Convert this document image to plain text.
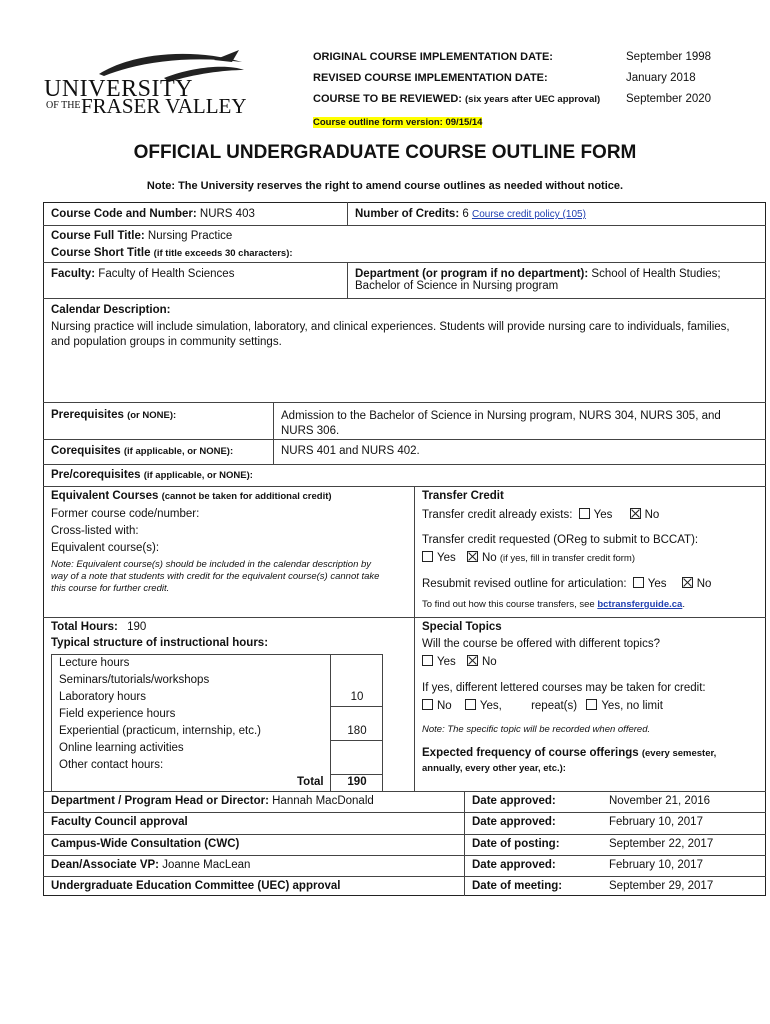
UNIVERSITY
OF THE FRASER VALLEY
ORIGINAL COURSE IMPLEMENTATION DATE:	September 1998
REVISED COURSE IMPLEMENTATION DATE:	January 2018
COURSE TO BE REVIEWED: (six years after UEC approval) September 2020
Course outline form version: 09/15/14
OFFICIAL UNDERGRADUATE COURSE OUTLINE FORM
Note: The University reserves the right to amend course outlines as needed without notice.
Course Code and Number: NURS 403	Number of Credits: 6 Course credit policy (105)
Course Full Title: Nursing Practice
Course Short Title (if title exceeds 30 characters):
Faculty: Faculty of Health Sciences	Department (or program if no department): School of Health Studies;
Bachelor of Science in Nursing program
Calendar Description:
Nursing practice will include simulation, laboratory, and clinical experiences. Students will provide nursing care to individuals, families,
and population groups in community settings.
Prerequisites (or NONE):	Admission to the Bachelor of Science in Nursing program, NURS 304, NURS 305, and
NURS 306.
Corequisites (if applicable, or NONE):	NURS 401 and NURS 402.
Pre/corequisites (if applicable, or NONE):
Equivalent Courses (cannot be taken for additional credit)
Former course code/number:
Cross-listed with:
Equivalent course(s):
Note: Equivalent course(s) should be included in the calendar description by
way of a note that students with credit for the equivalent course(s) cannot take
this course for further credit.
Transfer Credit
Transfer credit already exists: Yes	No
Transfer credit requested (OReg to submit to BCCAT):
Yes No (if yes, fill in transfer credit form)
Resubmit revised outline for articulation: Yes	No
To find out how this course transfers, see bctransferguide.ca.
Total Hours: 190
Typical structure of instructional hours:
Lecture hours
Seminars/tutorials/workshops
Laboratory hours	10
Field experience hours
Experiential (practicum, internship, etc.)	180
Online learning activities
Other contact hours:
Total	190
Special Topics
Will the course be offered with different topics?
Yes No
If yes, different lettered courses may be taken for credit:
No Yes,	repeat(s) Yes, no limit
Note: The specific topic will be recorded when offered.
Expected frequency of course offerings (every semester,
annually, every other year, etc.):
Department / Program Head or Director: Hannah MacDonald	Date approved:	November 21, 2016
Faculty Council approval	Date approved:	February 10, 2017
Campus-Wide Consultation (CWC)	Date of posting:	September 22, 2017
Dean/Associate VP: Joanne MacLean	Date approved:	February 10, 2017
Undergraduate Education Committee (UEC) approval	Date of meeting:	September 29, 2017
